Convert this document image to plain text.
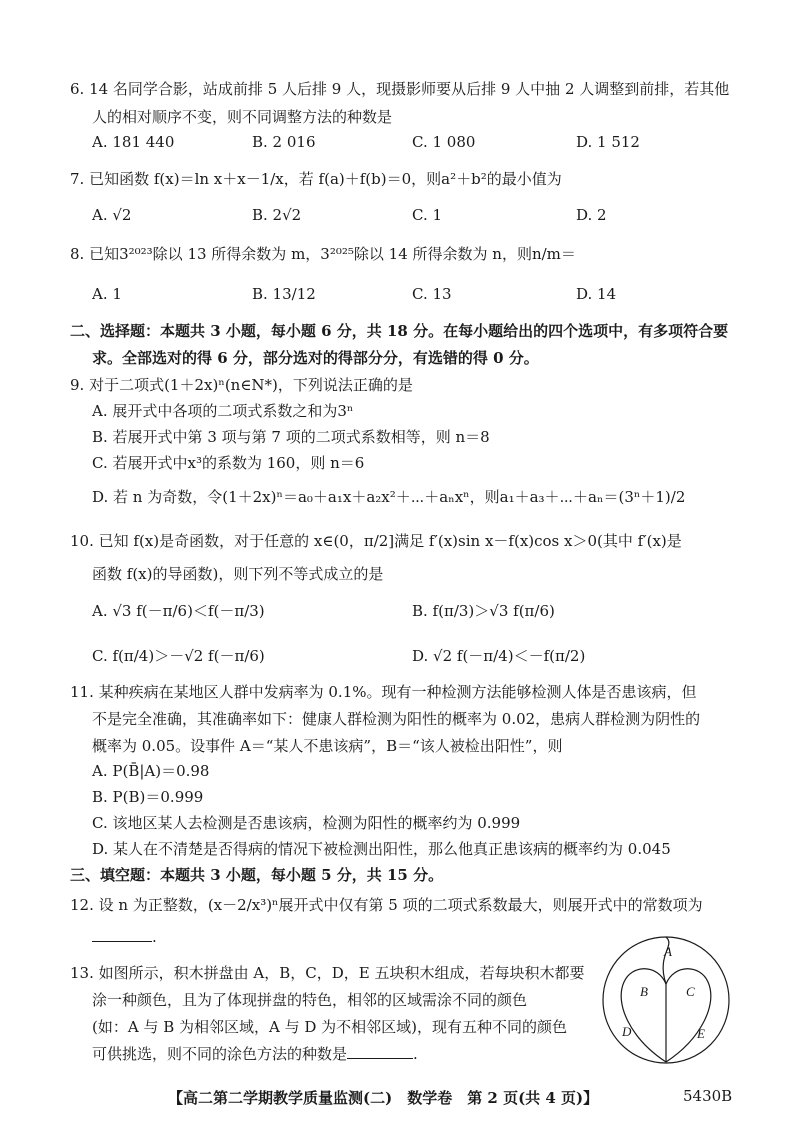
6. 14 名同学合影，站成前排 5 人后排 9 人，现摄影师要从后排 9 人中抽 2 人调整到前排，若其他
人的相对顺序不变，则不同调整方法的种数是
A. 181 440	B. 2 016	C. 1 080	D. 1 512
7. 已知函数 f(x)＝ln x＋x－1/x，若 f(a)＋f(b)＝0，则a²＋b²的最小值为
A. √2	B. 2√2	C. 1	D. 2
8. 已知3²⁰²³除以 13 所得余数为 m，3²⁰²⁵除以 14 所得余数为 n，则n/m＝
A. 1	B. 13/12	C. 13	D. 14
二、选择题：本题共 3 小题，每小题 6 分，共 18 分。在每小题给出的四个选项中，有多项符合要
求。全部选对的得 6 分，部分选对的得部分分，有选错的得 0 分。
9. 对于二项式(1＋2x)ⁿ(n∈N*)，下列说法正确的是
A. 展开式中各项的二项式系数之和为3ⁿ
B. 若展开式中第 3 项与第 7 项的二项式系数相等，则 n＝8
C. 若展开式中x³的系数为 160，则 n＝6
D. 若 n 为奇数，令(1＋2x)ⁿ＝a₀＋a₁x＋a₂x²＋⋯＋aₙxⁿ，则a₁＋a₃＋⋯＋aₙ＝(3ⁿ＋1)/2
10. 已知 f(x)是奇函数，对于任意的 x∈(0，π/2]满足 f′(x)sin x－f(x)cos x＞0(其中 f′(x)是
函数 f(x)的导函数)，则下列不等式成立的是
A. √3 f(－π/6)＜f(－π/3)	B. f(π/3)＞√3 f(π/6)
C. f(π/4)＞－√2 f(－π/6)	D. √2 f(－π/4)＜－f(π/2)
11. 某种疾病在某地区人群中发病率为 0.1%。现有一种检测方法能够检测人体是否患该病，但
不是完全准确，其准确率如下：健康人群检测为阳性的概率为 0.02，患病人群检测为阴性的
概率为 0.05。设事件 A＝“某人不患该病”，B＝“该人被检出阳性”，则
A. P(B̄|A)＝0.98
B. P(B)＝0.999
C. 该地区某人去检测是否患该病，检测为阳性的概率约为 0.999
D. 某人在不清楚是否得病的情况下被检测出阳性，那么他真正患该病的概率约为 0.045
三、填空题：本题共 3 小题，每小题 5 分，共 15 分。
12. 设 n 为正整数，(x－2/x³)ⁿ展开式中仅有第 5 项的二项式系数最大，则展开式中的常数项为
.
13. 如图所示，积木拼盘由 A，B，C，D，E 五块积木组成，若每块积木都要
涂一种颜色，且为了体现拼盘的特色，相邻的区域需涂不同的颜色
(如：A 与 B 为相邻区域，A 与 D 为不相邻区域)，现有五种不同的颜色
可供挑选，则不同的涂色方法的种数是	.
A
B	C
D	E
【高二第二学期教学质量监测(二)　数学卷　第 2 页(共 4 页)】	5430B
